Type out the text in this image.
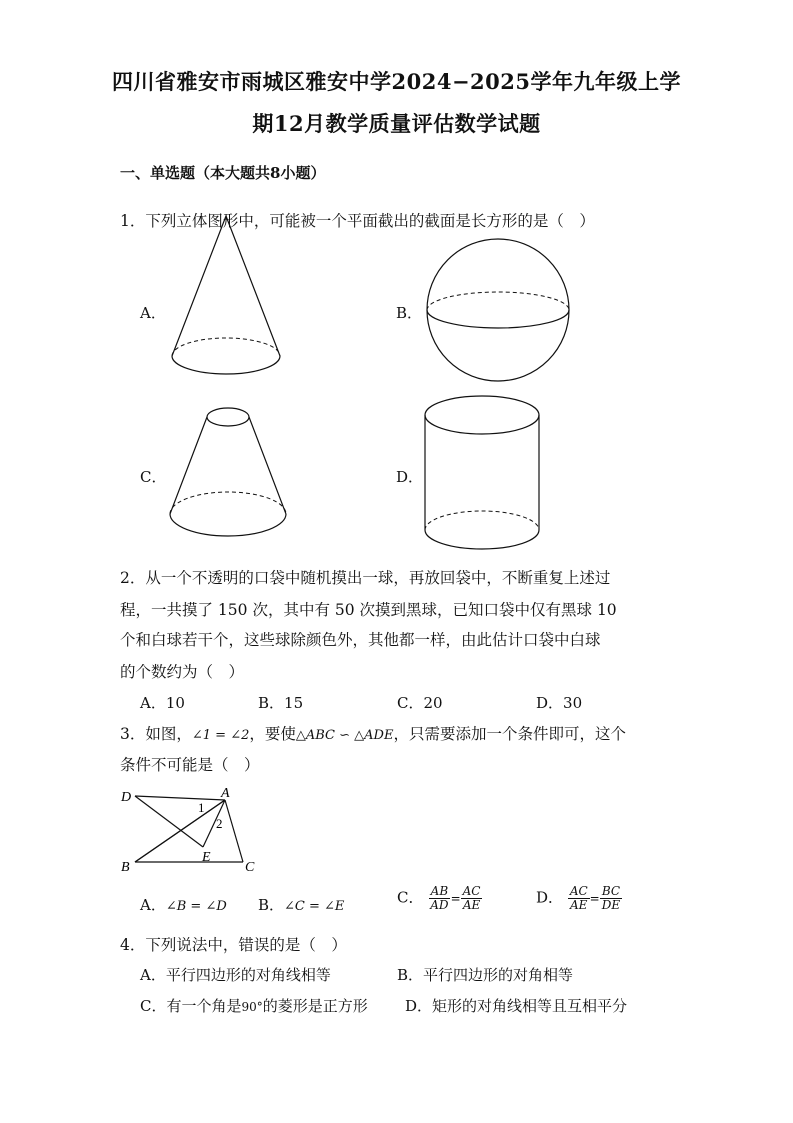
四川省雅安市雨城区雅安中学2024−2025学年九年级上学
期12月教学质量评估数学试题
一、单选题（本大题共8小题）
1．下列立体图形中，可能被一个平面截出的截面是长方形的是（　）
A．	B．
C．	D．
2．从一个不透明的口袋中随机摸出一球，再放回袋中，不断重复上述过
程，一共摸了 150 次，其中有 50 次摸到黑球，已知口袋中仅有黑球 10
个和白球若干个，这些球除颜色外，其他都一样，由此估计口袋中白球
的个数约为（　）
A．10	B．15	C．20	D．30
3．如图，∠1 = ∠2，要使△ABC ∽ △ADE，只需要添加一个条件即可，这个
条件不可能是（　）
D	A
B
E
C
1
2
A．∠B = ∠D B．∠C = ∠E	C． $\frac{AB}{AD} = \frac{AC}{AE}$	D． $\frac{AC}{AE} = \frac{BC}{DE}$
4．下列说法中，错误的是（　）
A．平行四边形的对角线相等	B．平行四边形的对角相等
C．有一个角是90°的菱形是正方形 D．矩形的对角线相等且互相平分
